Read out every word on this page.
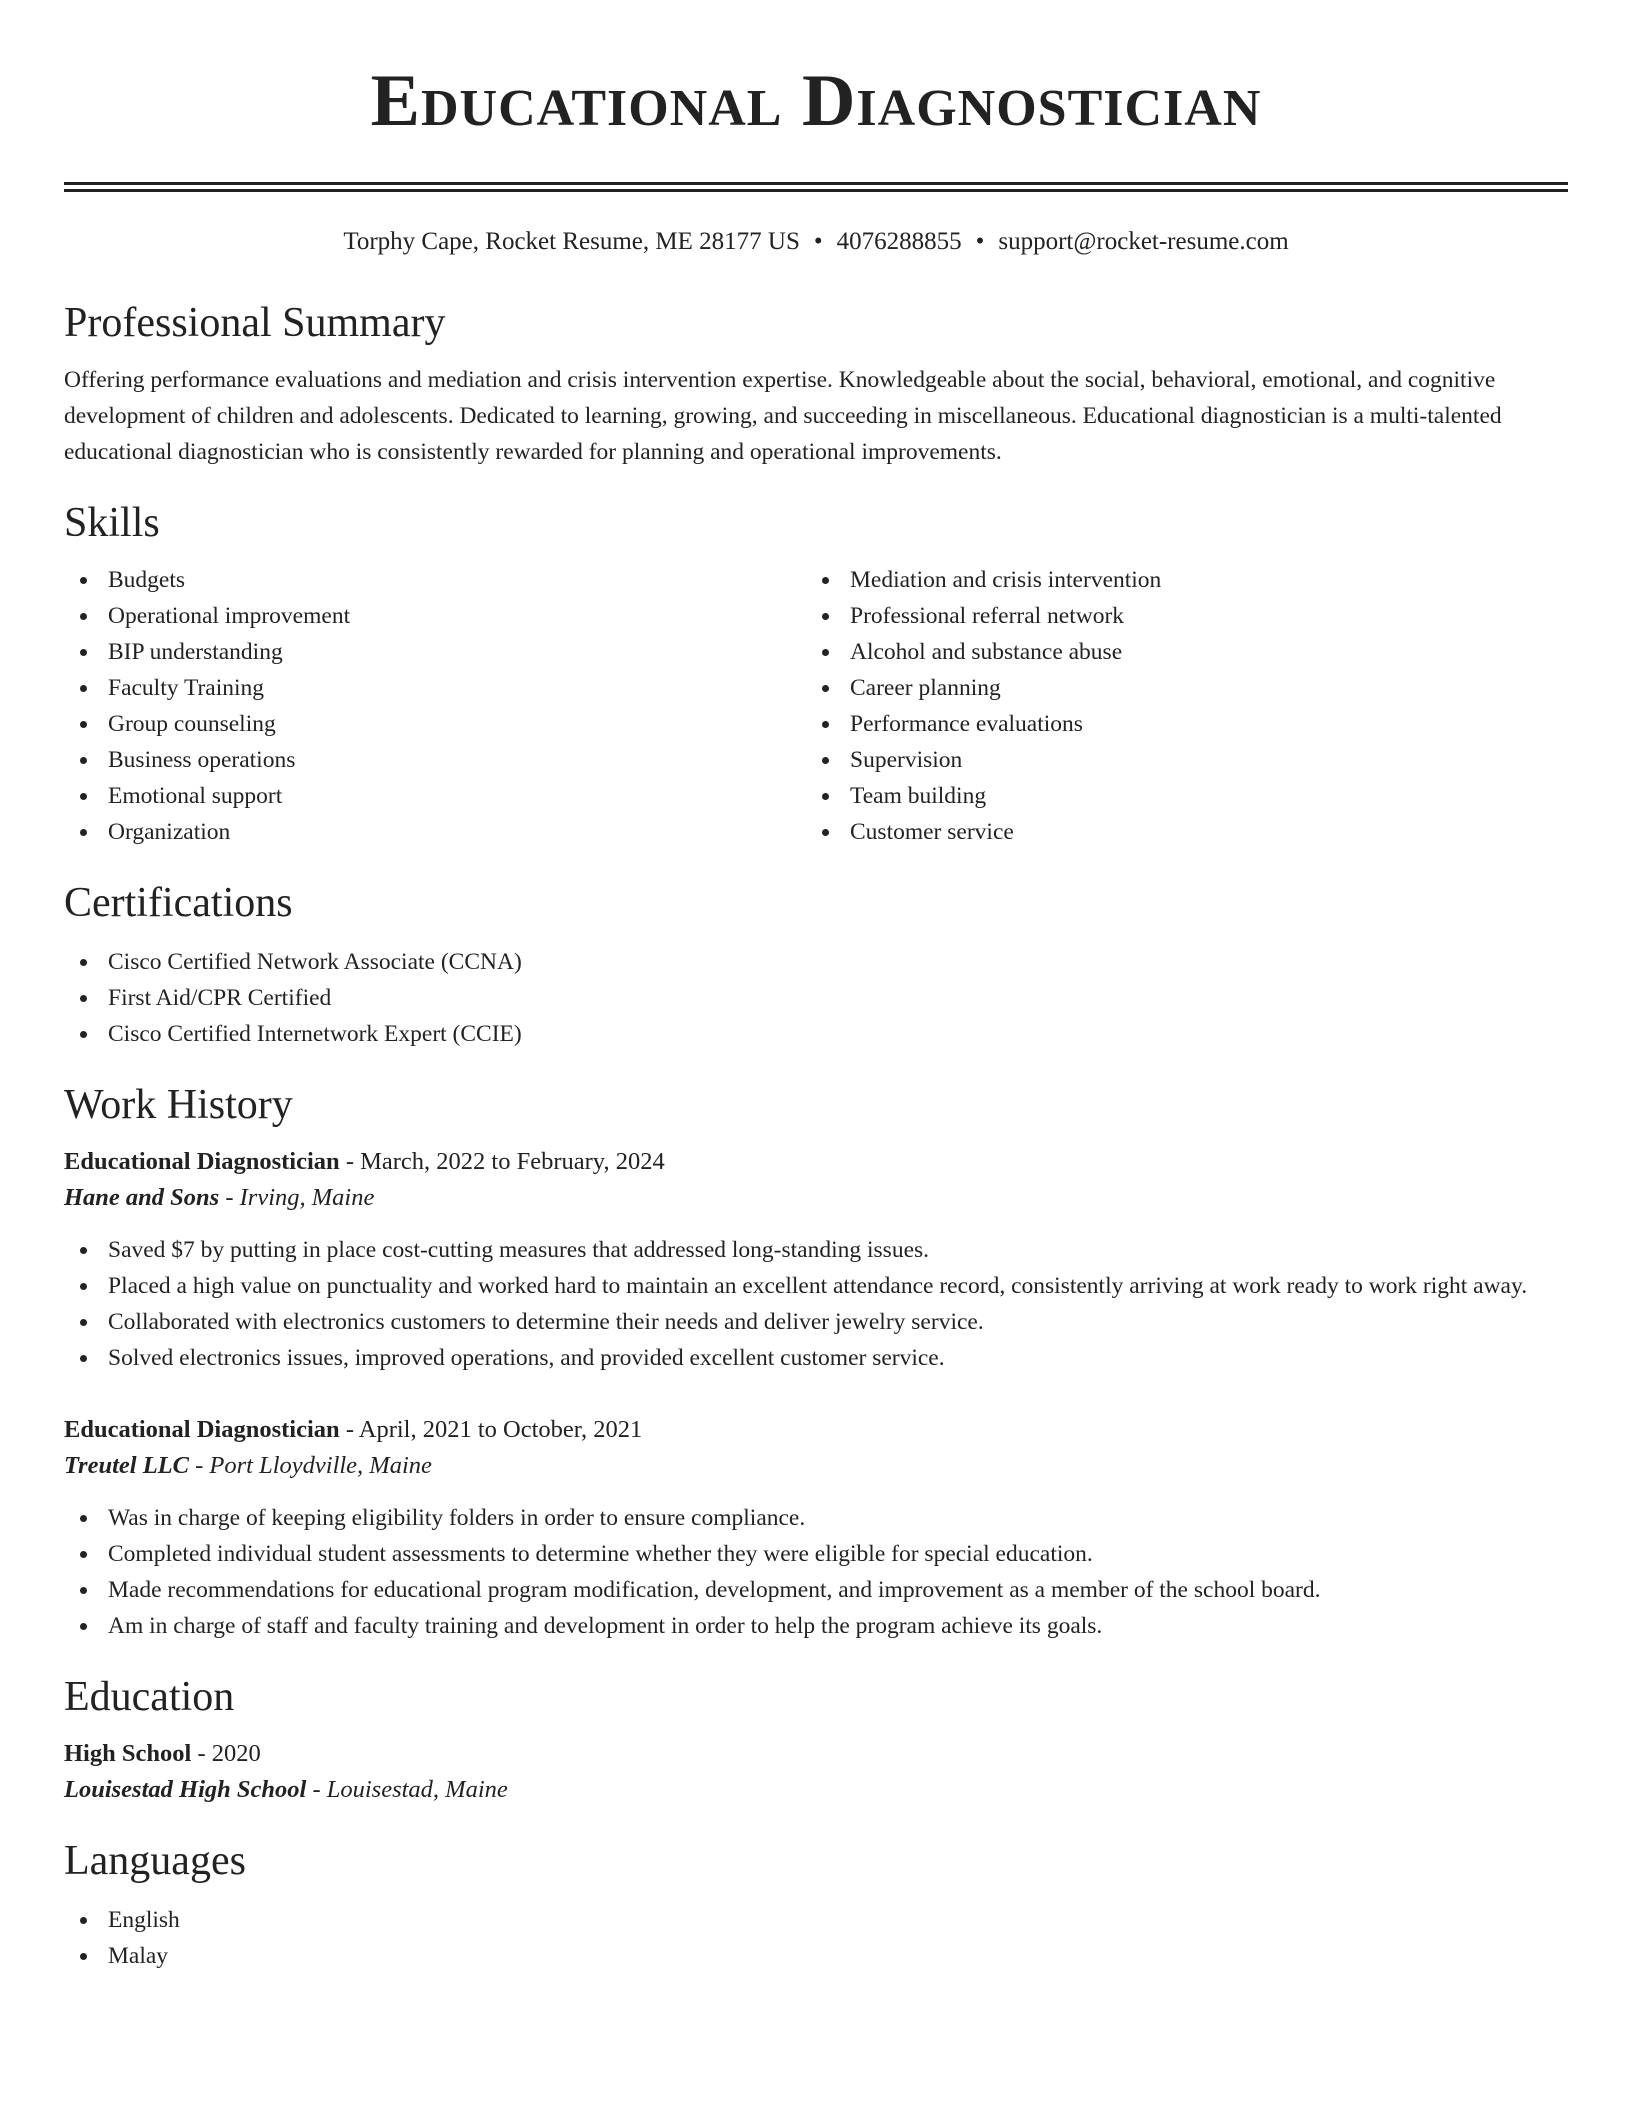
Educational Diagnostician
Torphy Cape, Rocket Resume, ME 28177 US • 4076288855 • support@rocket-resume.com
Professional Summary

Offering performance evaluations and mediation and crisis intervention expertise. Knowledgeable about the social, behavioral, emotional, and cognitive development of children and adolescents. Dedicated to learning, growing, and succeeding in miscellaneous. Educational diagnostician is a multi-talented educational diagnostician who is consistently rewarded for planning and operational improvements.

Skills
Budgets
Operational improvement
BIP understanding
Faculty Training
Group counseling
Business operations
Emotional support
Organization
Mediation and crisis intervention
Professional referral network
Alcohol and substance abuse
Career planning
Performance evaluations
Supervision
Team building
Customer service
Certifications
Cisco Certified Network Associate (CCNA)
First Aid/CPR Certified
Cisco Certified Internetwork Expert (CCIE)
Work History
Educational Diagnostician - March, 2022 to February, 2024
Hane and Sons - Irving, Maine
Saved $7 by putting in place cost-cutting measures that addressed long-standing issues.
Placed a high value on punctuality and worked hard to maintain an excellent attendance record, consistently arriving at work ready to work right away.
Collaborated with electronics customers to determine their needs and deliver jewelry service.
Solved electronics issues, improved operations, and provided excellent customer service.
Educational Diagnostician - April, 2021 to October, 2021
Treutel LLC - Port Lloydville, Maine
Was in charge of keeping eligibility folders in order to ensure compliance.
Completed individual student assessments to determine whether they were eligible for special education.
Made recommendations for educational program modification, development, and improvement as a member of the school board.
Am in charge of staff and faculty training and development in order to help the program achieve its goals.
Education
High School - 2020
Louisestad High School - Louisestad, Maine
Languages
English
Malay
